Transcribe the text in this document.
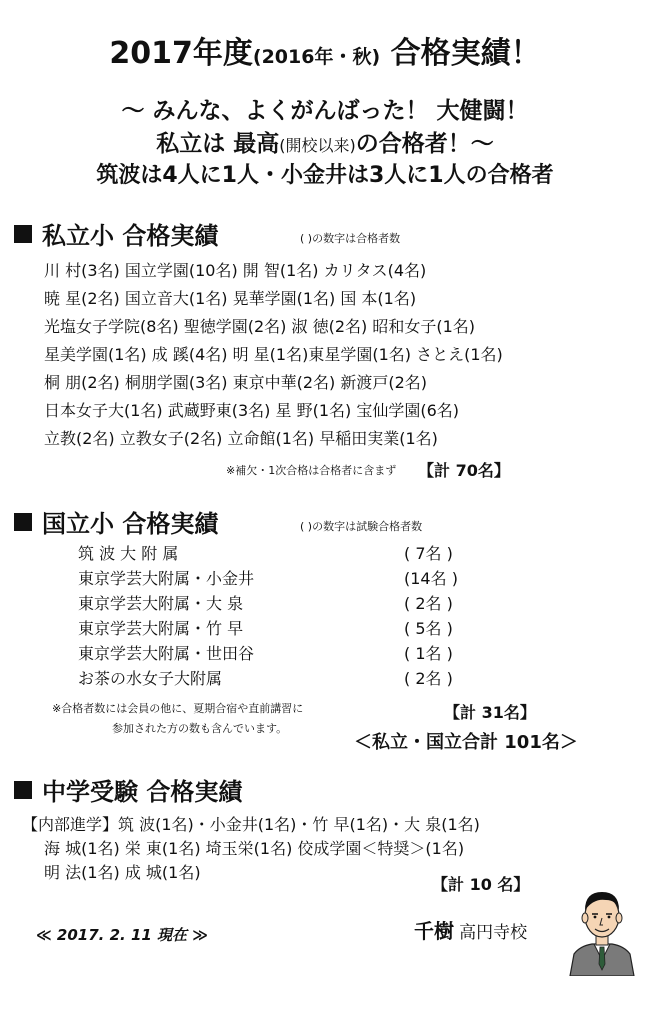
2017年度(2016年・秋) 合格実績！
～ みんな、よくがんばった！ 大健闘！
私立は 最高(開校以来)の合格者！～
筑波は4人に1人・小金井は3人に1人の合格者
私立小 合格実績	( )の数字は合格者数
川 村(3名) 国立学園(10名) 開 智(1名) カリタス(4名)
暁 星(2名) 国立音大(1名) 晃華学園(1名) 国 本(1名)
光塩女子学院(8名) 聖徳学園(2名) 淑 徳(2名) 昭和女子(1名)
星美学園(1名) 成 蹊(4名) 明 星(1名)東星学園(1名) さとえ(1名)
桐 朋(2名) 桐朋学園(3名) 東京中華(2名) 新渡戸(2名)
日本女子大(1名) 武蔵野東(3名) 星 野(1名) 宝仙学園(6名)
立教(2名) 立教女子(2名) 立命館(1名) 早稲田実業(1名)
※補欠・1次合格は合格者に含まず 【計 70名】
国立小 合格実績	( )の数字は試験合格者数
筑 波 大 附 属	( 7名 )
東京学芸大附属・小金井	(14名 )
東京学芸大附属・大 泉	( 2名 )
東京学芸大附属・竹 早	( 5名 )
東京学芸大附属・世田谷	( 1名 )
お茶の水女子大附属	( 2名 )
※合格者数には会員の他に、夏期合宿や直前講習に
参加された方の数も含んでいます。
【計 31名】
＜私立・国立合計 101名＞
中学受験 合格実績
【内部進学】筑 波(1名)・小金井(1名)・竹 早(1名)・大 泉(1名)
海 城(1名) 栄 東(1名) 埼玉栄(1名) 佼成学園＜特奨＞(1名)
明 法(1名) 成 城(1名)
【計 10 名】
≪ 2017. 2. 11 現在 ≫	千樹 高円寺校
